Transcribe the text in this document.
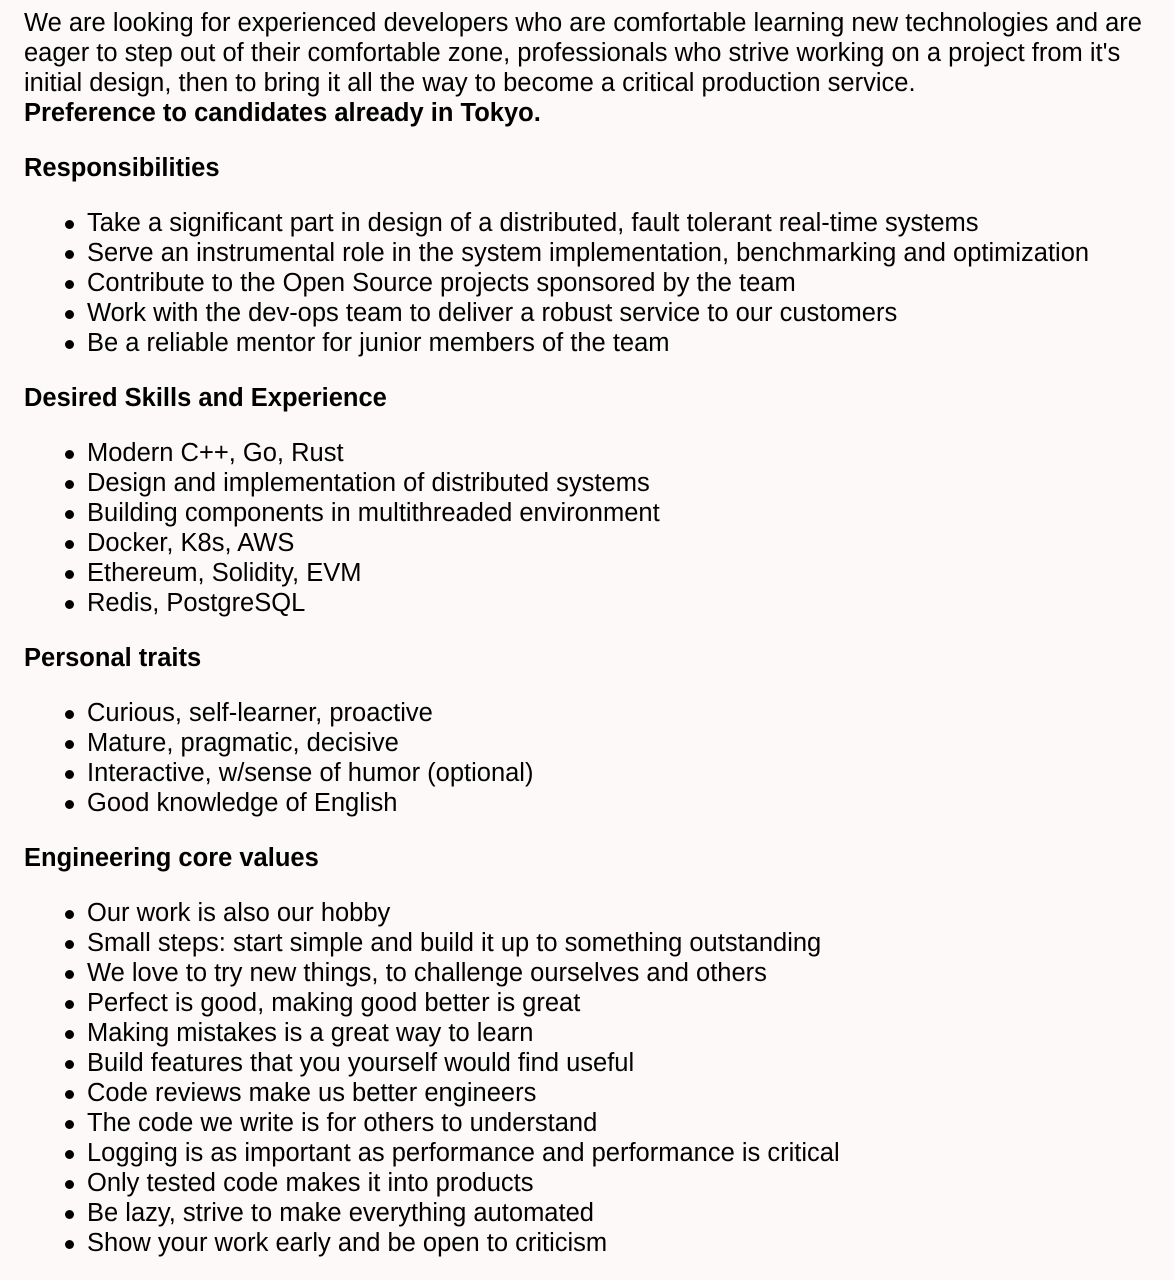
We are looking for experienced developers who are comfortable learning new technologies and are eager to step out of their comfortable zone, professionals who strive working on a project from it's initial design, then to bring it all the way to become a critical production service.
Preference to candidates already in Tokyo.

Responsibilities
Take a significant part in design of a distributed, fault tolerant real-time systems
Serve an instrumental role in the system implementation, benchmarking and optimization
Contribute to the Open Source projects sponsored by the team
Work with the dev-ops team to deliver a robust service to our customers
Be a reliable mentor for junior members of the team
Desired Skills and Experience
Modern C++, Go, Rust
Design and implementation of distributed systems
Building components in multithreaded environment
Docker, K8s, AWS
Ethereum, Solidity, EVM
Redis, PostgreSQL
Personal traits
Curious, self-learner, proactive
Mature, pragmatic, decisive
Interactive, w/sense of humor (optional)
Good knowledge of English
Engineering core values
Our work is also our hobby
Small steps: start simple and build it up to something outstanding
We love to try new things, to challenge ourselves and others
Perfect is good, making good better is great
Making mistakes is a great way to learn
Build features that you yourself would find useful
Code reviews make us better engineers
The code we write is for others to understand
Logging is as important as performance and performance is critical
Only tested code makes it into products
Be lazy, strive to make everything automated
Show your work early and be open to criticism
